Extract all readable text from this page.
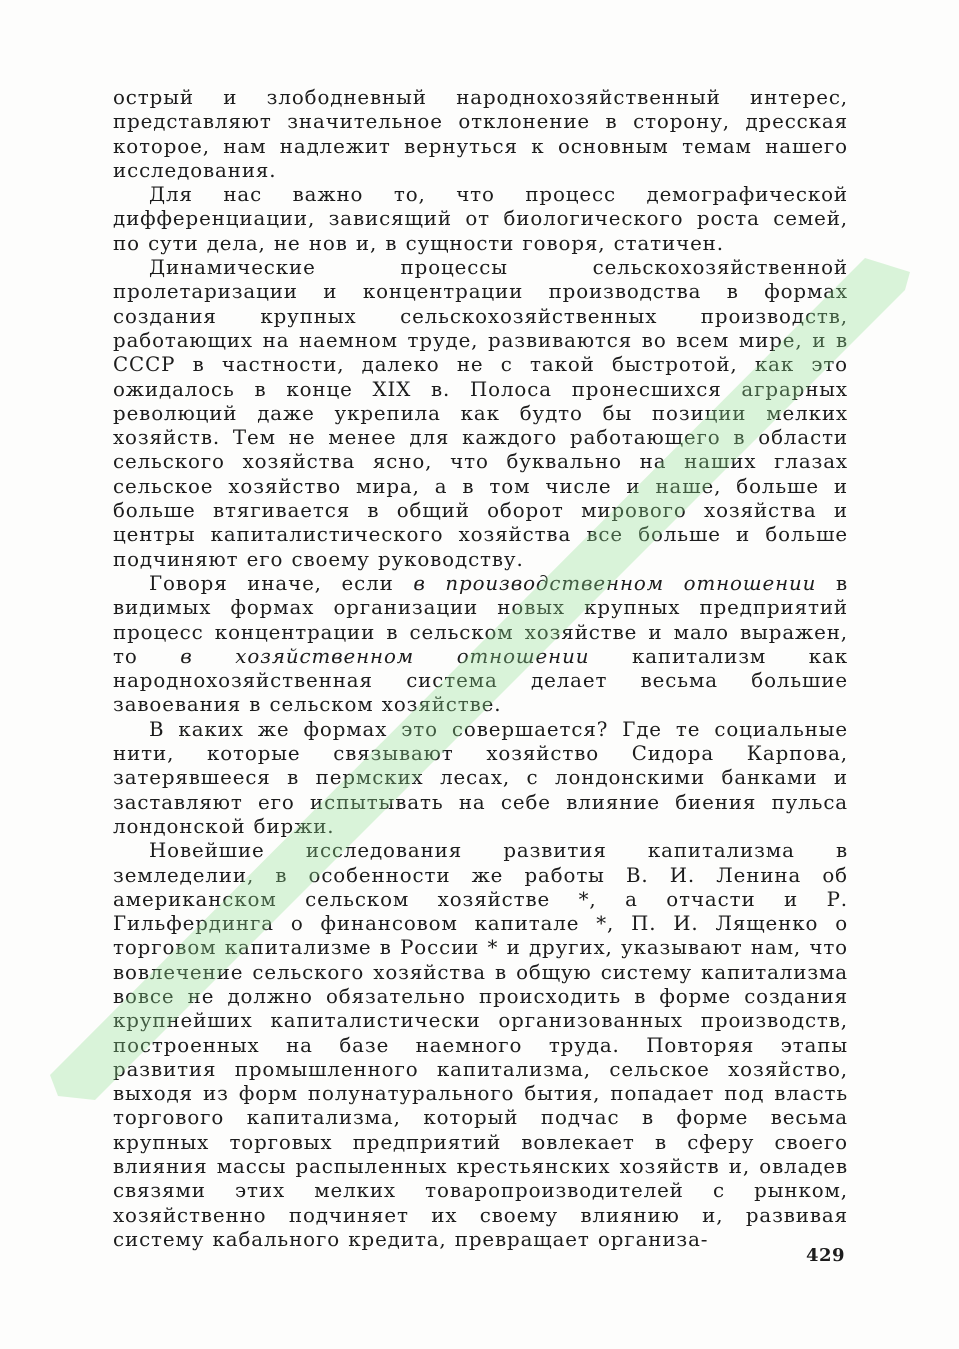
острый и злободневный народнохозяйственный интерес, представляют значительное отклонение в сторону, дресская которое, нам надлежит вернуться к основным темам нашего исследования.

Для нас важно то, что процесс демографической дифференциации, зависящий от биологического роста семей, по сути дела, не нов и, в сущности говоря, статичен.

Динамические процессы сельскохозяйственной пролетаризации и концентрации производства в формах создания крупных сельскохозяйственных производств, работающих на наемном труде, развиваются во всем мире, и в СССР в частности, далеко не с такой быстротой, как это ожидалось в конце XIX в. Полоса пронесшихся аграрных революций даже укрепила как будто бы позиции мелких хозяйств. Тем не менее для каждого работающего в области сельского хозяйства ясно, что буквально на наших глазах сельское хозяйство мира, а в том числе и наше, больше и больше втягивается в общий оборот мирового хозяйства и центры капиталистического хозяйства все больше и больше подчиняют его своему руководству.

Говоря иначе, если в производственном отношении в видимых формах организации новых крупных предприятий процесс концентрации в сельском хозяйстве и мало выражен, то в хозяйственном отношении капитализм как народнохозяйственная система делает весьма большие завоевания в сельском хозяйстве.

В каких же формах это совершается? Где те социальные нити, которые связывают хозяйство Сидора Карпова, затерявшееся в пермских лесах, с лондонскими банками и заставляют его испытывать на себе влияние биения пульса лондонской биржи.

Новейшие исследования развития капитализма в земледелии, в особенности же работы В. И. Ленина об американском сельском хозяйстве *, а отчасти и Р. Гильфердинга о финансовом капитале *, П. И. Лященко о торговом капитализме в России * и других, указывают нам, что вовлечение сельского хозяйства в общую систему капитализма вовсе не должно обязательно происходить в форме создания крупнейших капиталистически организованных производств, построенных на базе наемного труда. Повторяя этапы развития промышленного капитализма, сельское хозяйство, выходя из форм полунатурального бытия, попадает под власть торгового капитализма, который подчас в форме весьма крупных торговых предприятий вовлекает в сферу своего влияния массы распыленных крестьянских хозяйств и, овладев связями этих мелких товаропроизводителей с рынком, хозяйственно подчиняет их своему влиянию и, развивая систему кабального кредита, превращает организа-

429
